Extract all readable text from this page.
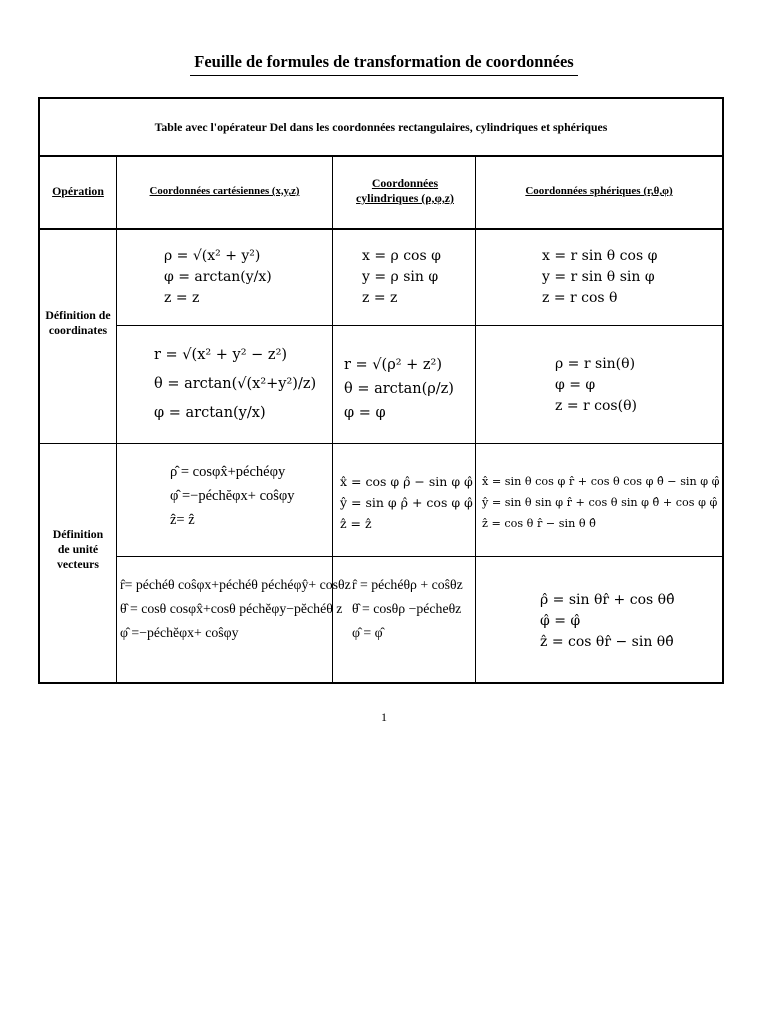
Feuille de formules de transformation de coordonnées
Table avec l'opérateur Del dans les coordonnées rectangulaires, cylindriques et sphériques
Opération	Coordonnées cartésiennes (x,y,z)
Coordonnées cylindriques (ρ,φ,z)	Coordonnées sphériques (r,θ,φ)
Définition de coordinates
Définition de unité vecteurs
ρ = √(x² + y²)
φ = arctan(y/x)
z = z
x = ρ cos φ
y = ρ sin φ
z = z
x = r sin θ cos φ
y = r sin θ sin φ
z = r cos θ
r = √(x² + y² − z²)
θ = arctan(√(x²+y²)/z)
φ = arctan(y/x)
r = √(ρ² + z²)
θ = arctan(ρ/z)
φ = φ
ρ = r sin(θ)
φ = φ
z = r cos(θ)
ρ̂ = cosφx̂+péchéφy
φ̂ =−péchĕφx+ coŝφy
ẑ= ẑ
x̂ = cos φ ρ̂ − sin φ φ̂
ŷ = sin φ ρ̂ + cos φ φ̂
ẑ = ẑ
x̂ = sin θ cos φ r̂ + cos θ cos φ θ̂ − sin φ φ̂
ŷ = sin θ sin φ r̂ + cos θ sin φ θ̂ + cos φ φ̂
ẑ = cos θ r̂ − sin θ θ̂
r̂= péchéθ coŝφx+péchéθ péchéφŷ+ cosθz
θ̂ = cosθ cosφx̂+cosθ péchĕφy−pĕchéθ z
φ̂ =−péchĕφx+ coŝφy
r̂ = péchéθρ + coŝθz
θ̂ = cosθρ −pécheθz
φ̂ = φ̂
ρ̂ = sin θr̂ + cos θθ̂
φ̂ = φ̂
ẑ = cos θr̂ − sin θθ̂
1
